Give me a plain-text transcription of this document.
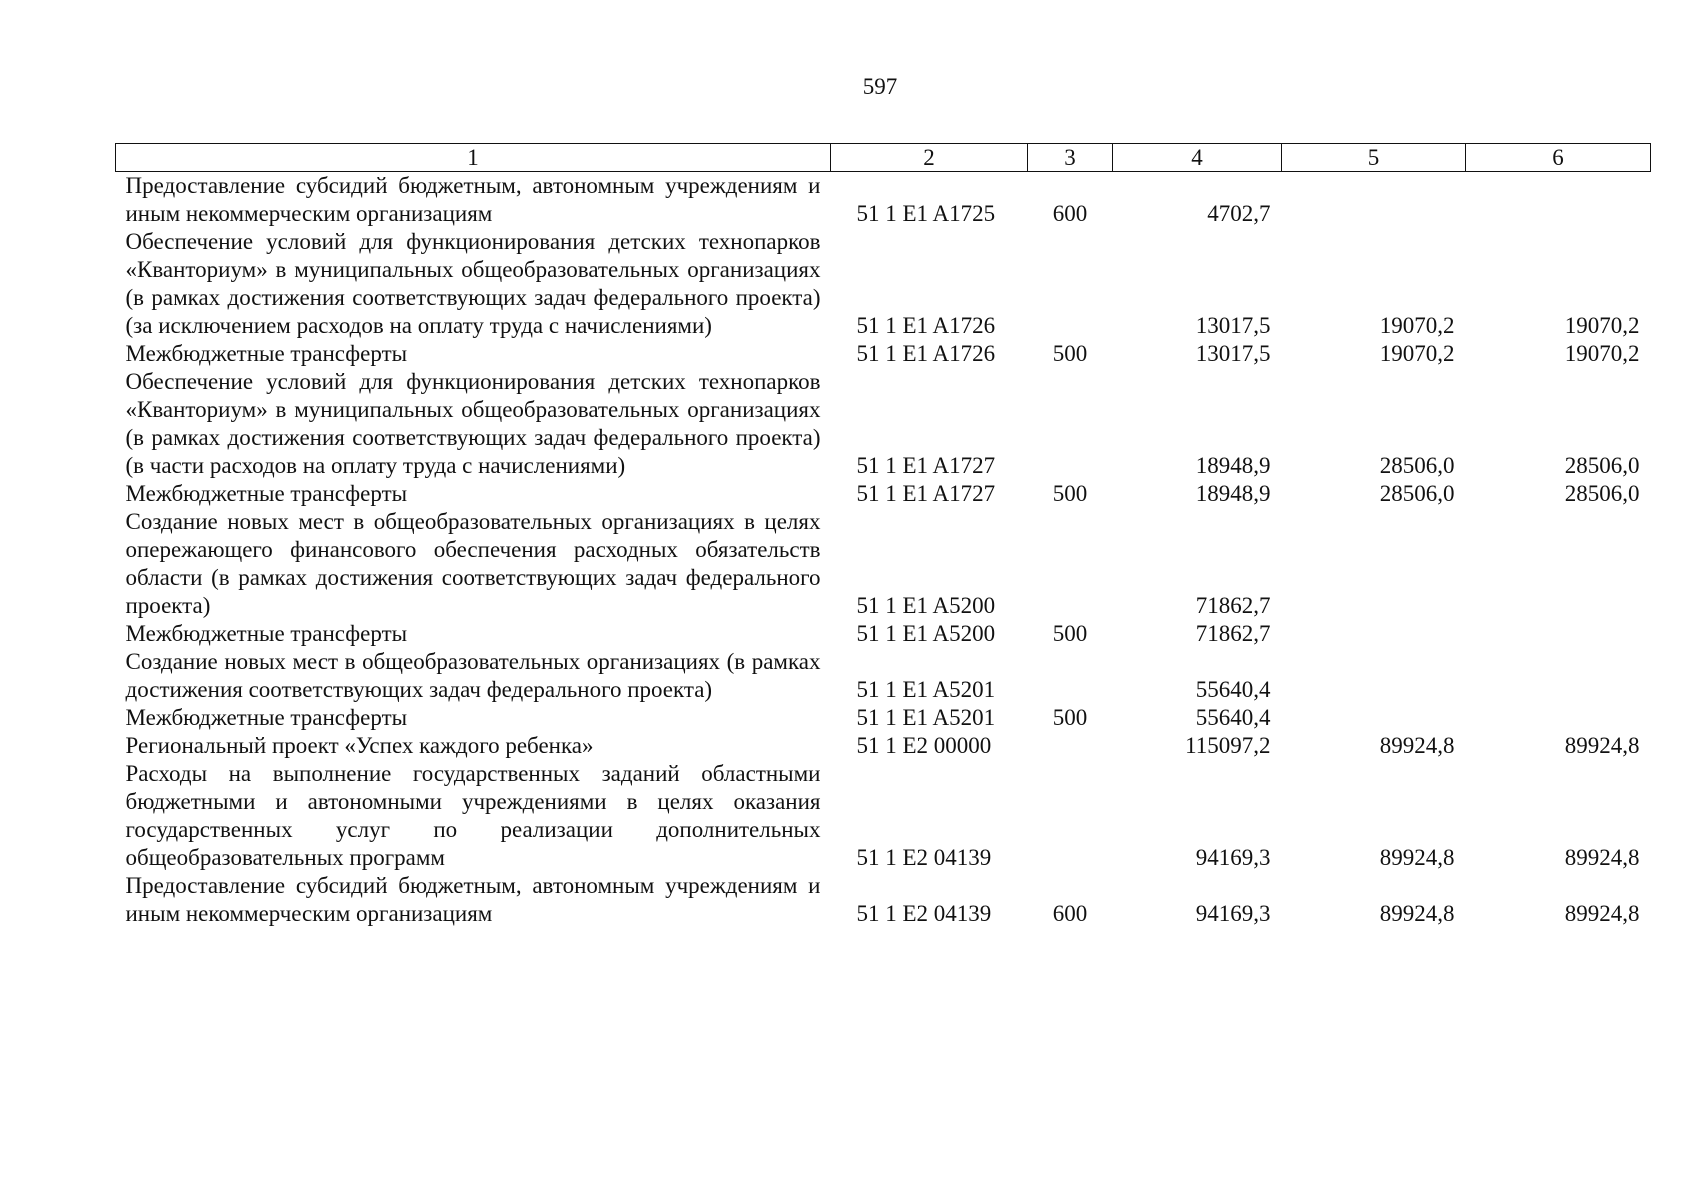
597
1	2	3	4	5	6
Предоставление субсидий бюджетным, автономным учреждениям и иным некоммерческим организациям	51 1 E1 A1725	600	4702,7		
Обеспечение условий для функционирования детских технопарков «Кванториум» в муниципальных общеобразовательных организациях (в рамках достижения соответствующих задач федерального проекта) (за исключением расходов на оплату труда с начислениями)	51 1 E1 A1726		13017,5	19070,2	19070,2
Межбюджетные трансферты	51 1 E1 A1726	500	13017,5	19070,2	19070,2
Обеспечение условий для функционирования детских технопарков «Кванториум» в муниципальных общеобразовательных организациях (в рамках достижения соответствующих задач федерального проекта) (в части расходов на оплату труда с начислениями)	51 1 E1 A1727		18948,9	28506,0	28506,0
Межбюджетные трансферты	51 1 E1 A1727	500	18948,9	28506,0	28506,0
Создание новых мест в общеобразовательных организациях в целях опережающего финансового обеспечения расходных обязательств области (в рамках достижения соответствующих задач федерального проекта)	51 1 E1 A5200		71862,7		
Межбюджетные трансферты	51 1 E1 A5200	500	71862,7		
Создание новых мест в общеобразовательных организациях (в рамках достижения соответствующих задач федерального проекта)	51 1 E1 A5201		55640,4		
Межбюджетные трансферты	51 1 E1 A5201	500	55640,4		
Региональный проект «Успех каждого ребенка»	51 1 E2 00000		115097,2	89924,8	89924,8
Расходы на выполнение государственных заданий областными бюджетными и автономными учреждениями в целях оказания государственных услуг по реализации дополнительных общеобразовательных программ	51 1 E2 04139		94169,3	89924,8	89924,8
Предоставление субсидий бюджетным, автономным учреждениям и иным некоммерческим организациям	51 1 E2 04139	600	94169,3	89924,8	89924,8
